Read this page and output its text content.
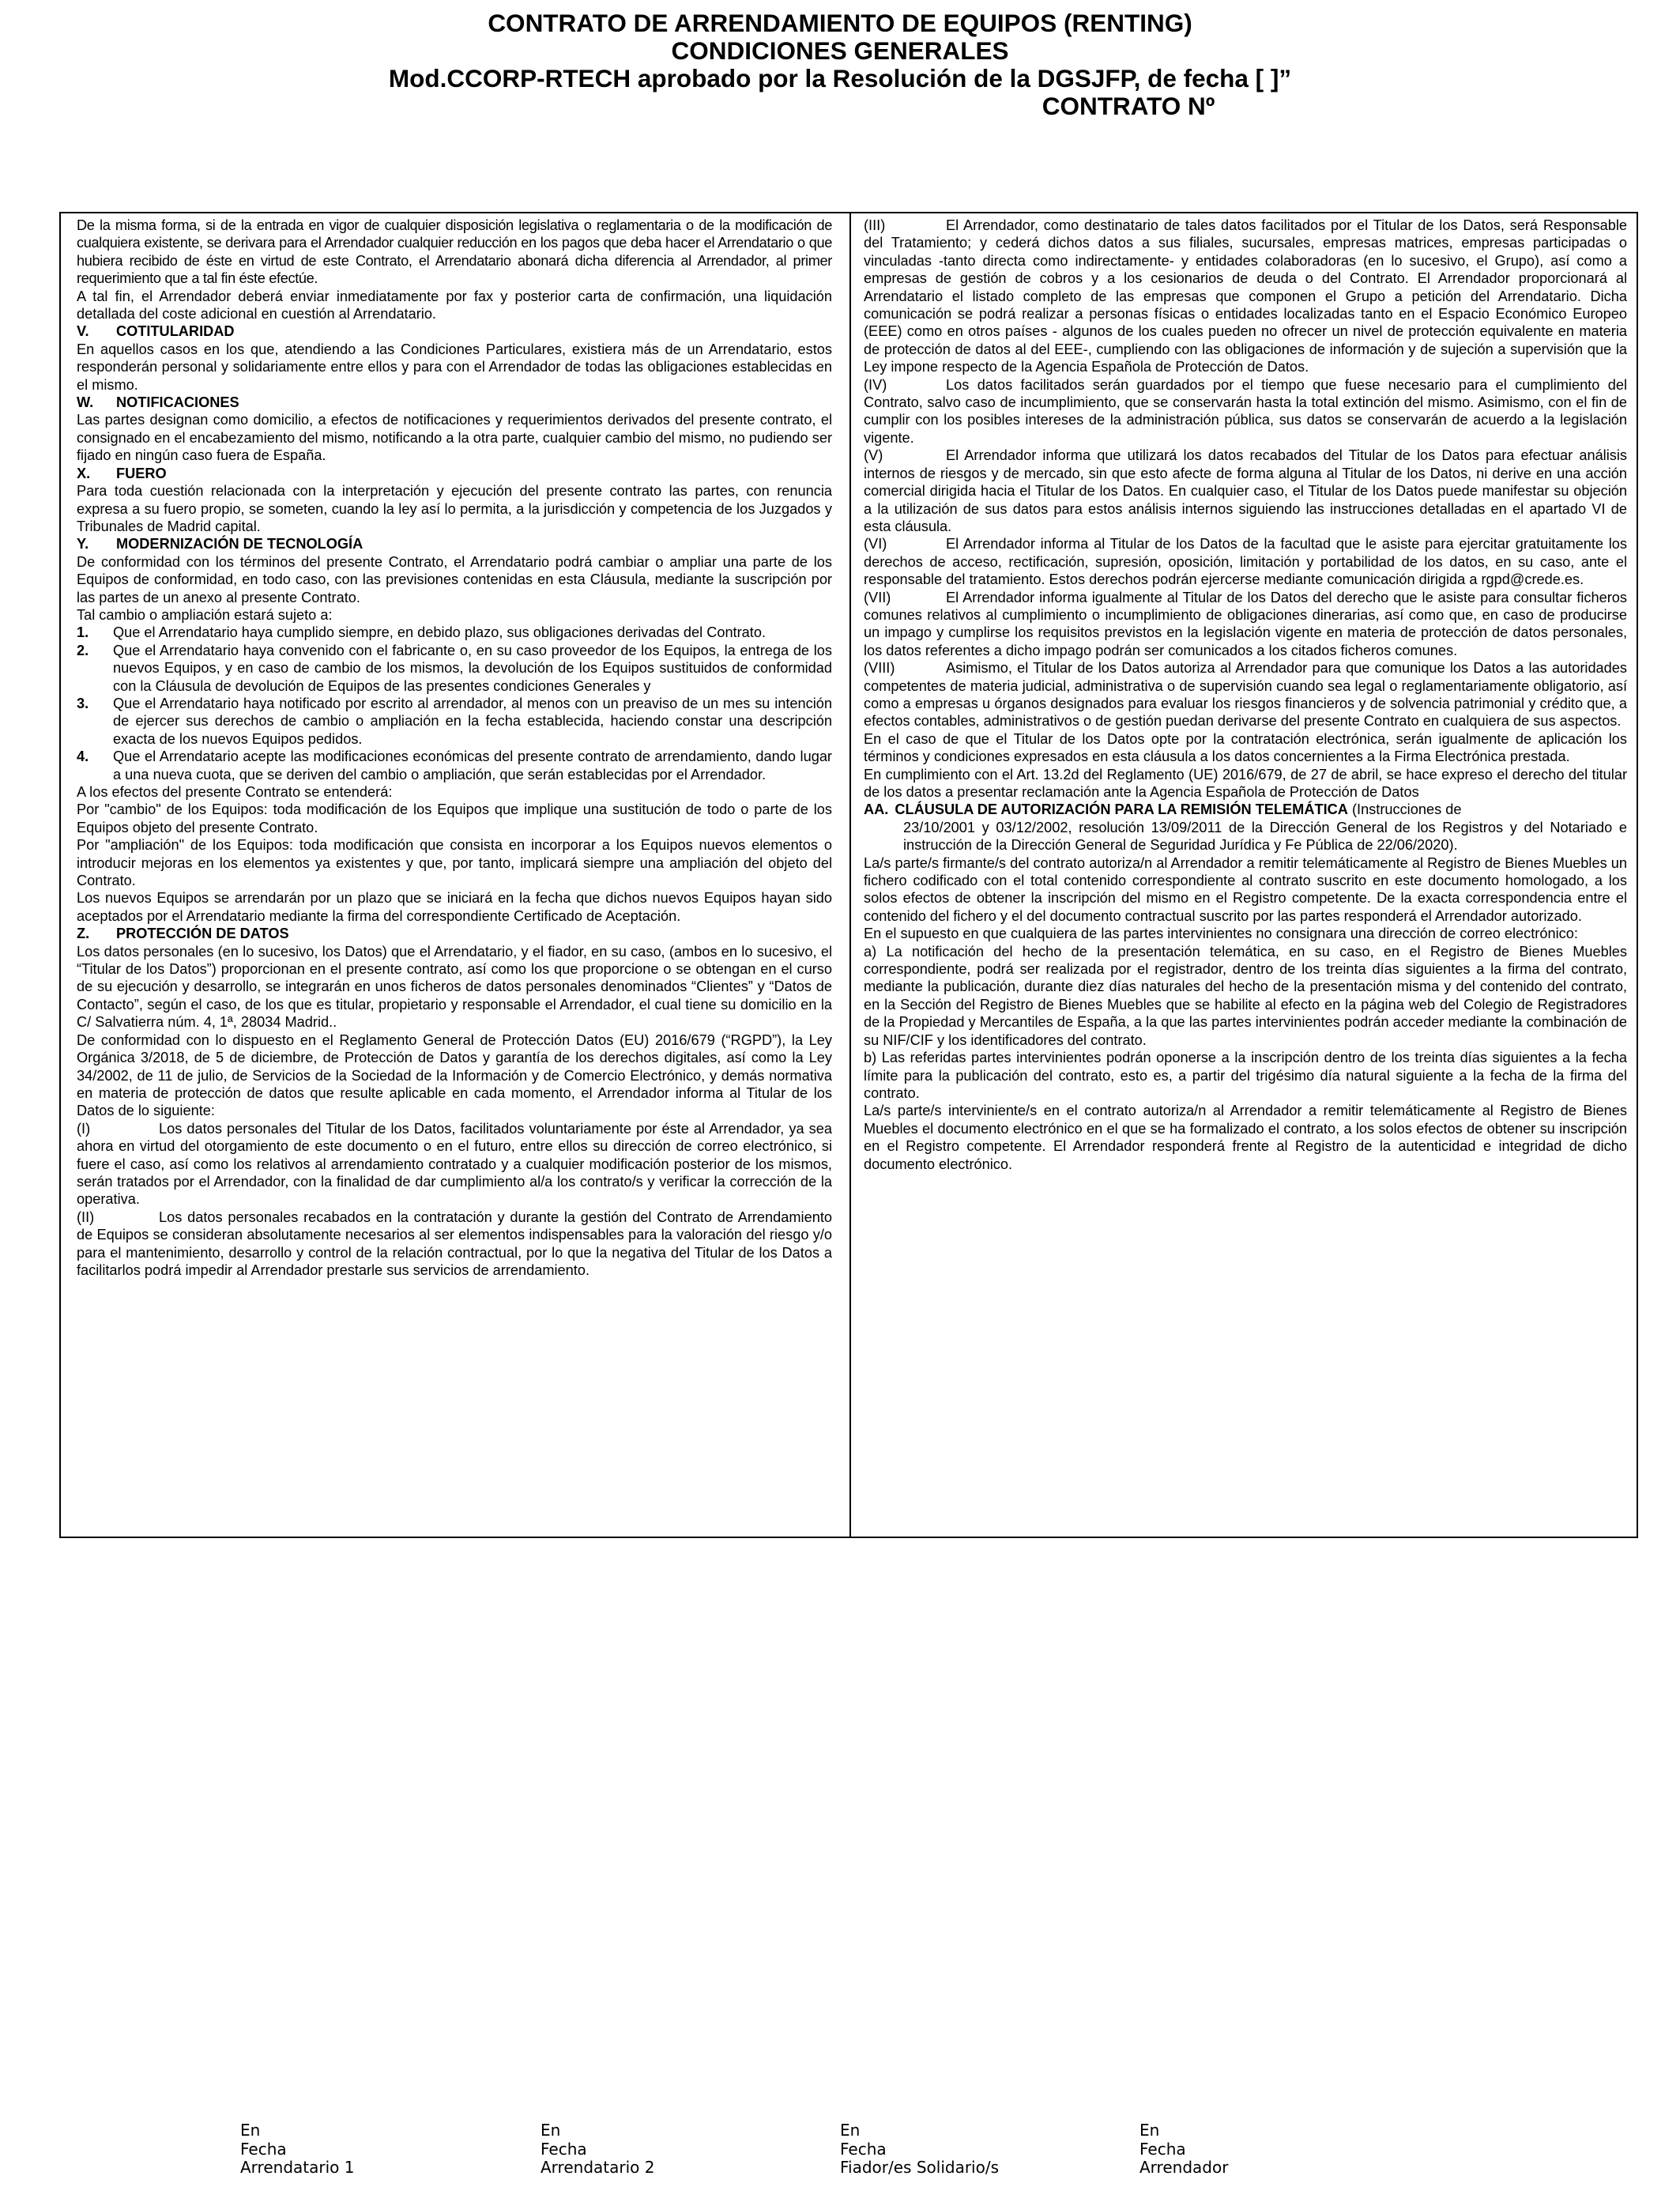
CONTRATO DE ARRENDAMIENTO DE EQUIPOS (RENTING)

CONDICIONES GENERALES

Mod.CCORP-RTECH aprobado por la Resolución de la DGSJFP, de fecha [ ]”

CONTRATO Nº

De la misma forma, si de la entrada en vigor de cualquier disposición legislativa o reglamentaria o de la modificación de cualquiera existente, se derivara para el Arrendador cualquier reducción en los pagos que deba hacer el Arrendatario o que hubiera recibido de éste en virtud de este Contrato, el Arrendatario abonará dicha diferencia al Arrendador, al primer requerimiento que a tal fin éste efectúe.

A tal fin, el Arrendador deberá enviar inmediatamente por fax y posterior carta de confirmación, una liquidación detallada del coste adicional en cuestión al Arrendatario.

V. COTITULARIDAD

En aquellos casos en los que, atendiendo a las Condiciones Particulares, existiera más de un Arrendatario, estos responderán personal y solidariamente entre ellos y para con el Arrendador de todas las obligaciones establecidas en el mismo.

W. NOTIFICACIONES

Las partes designan como domicilio, a efectos de notificaciones y requerimientos derivados del presente contrato, el consignado en el encabezamiento del mismo, notificando a la otra parte, cualquier cambio del mismo, no pudiendo ser fijado en ningún caso fuera de España.

X. FUERO

Para toda cuestión relacionada con la interpretación y ejecución del presente contrato las partes, con renuncia expresa a su fuero propio, se someten, cuando la ley así lo permita, a la jurisdicción y competencia de los Juzgados y Tribunales de Madrid capital.

Y. MODERNIZACIÓN DE TECNOLOGÍA

De conformidad con los términos del presente Contrato, el Arrendatario podrá cambiar o ampliar una parte de los Equipos de conformidad, en todo caso, con las previsiones contenidas en esta Cláusula, mediante la suscripción por las partes de un anexo al presente Contrato.

Tal cambio o ampliación estará sujeto a:

1.	Que el Arrendatario haya cumplido siempre, en debido plazo, sus obligaciones derivadas del Contrato.
2.	Que el Arrendatario haya convenido con el fabricante o, en su caso proveedor de los Equipos, la entrega de los nuevos Equipos, y en caso de cambio de los mismos, la devolución de los Equipos sustituidos de conformidad con la Cláusula de devolución de Equipos de las presentes condiciones Generales y
3.	Que el Arrendatario haya notificado por escrito al arrendador, al menos con un preaviso de un mes su intención de ejercer sus derechos de cambio o ampliación en la fecha establecida, haciendo constar una descripción exacta de los nuevos Equipos pedidos.
4.	Que el Arrendatario acepte las modificaciones económicas del presente contrato de arrendamiento, dando lugar a una nueva cuota, que se deriven del cambio o ampliación, que serán establecidas por el Arrendador.

A los efectos del presente Contrato se entenderá:

Por "cambio" de los Equipos: toda modificación de los Equipos que implique una sustitución de todo o parte de los Equipos objeto del presente Contrato.

Por "ampliación" de los Equipos: toda modificación que consista en incorporar a los Equipos nuevos elementos o introducir mejoras en los elementos ya existentes y que, por tanto, implicará siempre una ampliación del objeto del Contrato.

Los nuevos Equipos se arrendarán por un plazo que se iniciará en la fecha que dichos nuevos Equipos hayan sido aceptados por el Arrendatario mediante la firma del correspondiente Certificado de Aceptación.

Z. PROTECCIÓN DE DATOS

Los datos personales (en lo sucesivo, los Datos) que el Arrendatario, y el fiador, en su caso, (ambos en lo sucesivo, el “Titular de los Datos”) proporcionan en el presente contrato, así como los que proporcione o se obtengan en el curso de su ejecución y desarrollo, se integrarán en unos ficheros de datos personales denominados “Clientes” y “Datos de Contacto”, según el caso, de los que es titular, propietario y responsable el Arrendador, el cual tiene su domicilio en la C/ Salvatierra núm. 4, 1ª, 28034 Madrid..

De conformidad con lo dispuesto en el Reglamento General de Protección Datos (EU) 2016/679 (“RGPD”), la Ley Orgánica 3/2018, de 5 de diciembre, de Protección de Datos y garantía de los derechos digitales, así como la Ley 34/2002, de 11 de julio, de Servicios de la Sociedad de la Información y de Comercio Electrónico, y demás normativa en materia de protección de datos que resulte aplicable en cada momento, el Arrendador informa al Titular de los Datos de lo siguiente:

(I)	Los datos personales del Titular de los Datos, facilitados voluntariamente por éste al Arrendador, ya sea ahora en virtud del otorgamiento de este documento o en el futuro, entre ellos su dirección de correo electrónico, si fuere el caso, así como los relativos al arrendamiento contratado y a cualquier modificación posterior de los mismos, serán tratados por el Arrendador, con la finalidad de dar cumplimiento al/a los contrato/s y verificar la corrección de la operativa.

(II)	Los datos personales recabados en la contratación y durante la gestión del Contrato de Arrendamiento de Equipos se consideran absolutamente necesarios al ser elementos indispensables para la valoración del riesgo y/o para el mantenimiento, desarrollo y control de la relación contractual, por lo que la negativa del Titular de los Datos a facilitarlos podrá impedir al Arrendador prestarle sus servicios de arrendamiento.

(III)	El Arrendador, como destinatario de tales datos facilitados por el Titular de los Datos, será Responsable del Tratamiento; y cederá dichos datos a sus filiales, sucursales, empresas matrices, empresas participadas o vinculadas -tanto directa como indirectamente- y entidades colaboradoras (en lo sucesivo, el Grupo), así como a empresas de gestión de cobros y a los cesionarios de deuda o del Contrato. El Arrendador proporcionará al Arrendatario el listado completo de las empresas que componen el Grupo a petición del Arrendatario. Dicha comunicación se podrá realizar a personas físicas o entidades localizadas tanto en el Espacio Económico Europeo (EEE) como en otros países - algunos de los cuales pueden no ofrecer un nivel de protección equivalente en materia de protección de datos al del EEE-, cumpliendo con las obligaciones de información y de sujeción a supervisión que la Ley impone respecto de la Agencia Española de Protección de Datos.

(IV)	Los datos facilitados serán guardados por el tiempo que fuese necesario para el cumplimiento del Contrato, salvo caso de incumplimiento, que se conservarán hasta la total extinción del mismo. Asimismo, con el fin de cumplir con los posibles intereses de la administración pública, sus datos se conservarán de acuerdo a la legislación vigente.

(V)	El Arrendador informa que utilizará los datos recabados del Titular de los Datos para efectuar análisis internos de riesgos y de mercado, sin que esto afecte de forma alguna al Titular de los Datos, ni derive en una acción comercial dirigida hacia el Titular de los Datos. En cualquier caso, el Titular de los Datos puede manifestar su objeción a la utilización de sus datos para estos análisis internos siguiendo las instrucciones detalladas en el apartado VI de esta cláusula.

(VI)	El Arrendador informa al Titular de los Datos de la facultad que le asiste para ejercitar gratuitamente los derechos de acceso, rectificación, supresión, oposición, limitación y portabilidad de los datos, en su caso, ante el responsable del tratamiento. Estos derechos podrán ejercerse mediante comunicación dirigida a rgpd@crede.es.

(VII)	El Arrendador informa igualmente al Titular de los Datos del derecho que le asiste para consultar ficheros comunes relativos al cumplimiento o incumplimiento de obligaciones dinerarias, así como que, en caso de producirse un impago y cumplirse los requisitos previstos en la legislación vigente en materia de protección de datos personales, los datos referentes a dicho impago podrán ser comunicados a los citados ficheros comunes.

(VIII)	Asimismo, el Titular de los Datos autoriza al Arrendador para que comunique los Datos a las autoridades competentes de materia judicial, administrativa o de supervisión cuando sea legal o reglamentariamente obligatorio, así como a empresas u órganos designados para evaluar los riesgos financieros y de solvencia patrimonial y crédito que, a efectos contables, administrativos o de gestión puedan derivarse del presente Contrato en cualquiera de sus aspectos.

En el caso de que el Titular de los Datos opte por la contratación electrónica, serán igualmente de aplicación los términos y condiciones expresados en esta cláusula a los datos concernientes a la Firma Electrónica prestada.

En cumplimiento con el Art. 13.2d del Reglamento (UE) 2016/679, de 27 de abril, se hace expreso el derecho del titular de los datos a presentar reclamación ante la Agencia Española de Protección de Datos

AA. CLÁUSULA DE AUTORIZACIÓN PARA LA REMISIÓN TELEMÁTICA (Instrucciones de

23/10/2001 y 03/12/2002, resolución 13/09/2011 de la Dirección General de los Registros y del Notariado e instrucción de la Dirección General de Seguridad Jurídica y Fe Pública de 22/06/2020).

La/s parte/s firmante/s del contrato autoriza/n al Arrendador a remitir telemáticamente al Registro de Bienes Muebles un fichero codificado con el total contenido correspondiente al contrato suscrito en este documento homologado, a los solos efectos de obtener la inscripción del mismo en el Registro competente. De la exacta correspondencia entre el contenido del fichero y el del documento contractual suscrito por las partes responderá el Arrendador autorizado.

En el supuesto en que cualquiera de las partes intervinientes no consignara una dirección de correo electrónico:

a) La notificación del hecho de la presentación telemática, en su caso, en el Registro de Bienes Muebles correspondiente, podrá ser realizada por el registrador, dentro de los treinta días siguientes a la firma del contrato, mediante la publicación, durante diez días naturales del hecho de la presentación misma y del contenido del contrato, en la Sección del Registro de Bienes Muebles que se habilite al efecto en la página web del Colegio de Registradores de la Propiedad y Mercantiles de España, a la que las partes intervinientes podrán acceder mediante la combinación de su NIF/CIF y los identificadores del contrato.

b) Las referidas partes intervinientes podrán oponerse a la inscripción dentro de los treinta días siguientes a la fecha límite para la publicación del contrato, esto es, a partir del trigésimo día natural siguiente a la fecha de la firma del contrato.

La/s parte/s interviniente/s en el contrato autoriza/n al Arrendador a remitir telemáticamente al Registro de Bienes Muebles el documento electrónico en el que se ha formalizado el contrato, a los solos efectos de obtener su inscripción en el Registro competente. El Arrendador responderá frente al Registro de la autenticidad e integridad de dicho documento electrónico.

En
Fecha
Arrendatario 1
En
Fecha
Arrendatario 2
En
Fecha
Fiador/es Solidario/s
En
Fecha
Arrendador
